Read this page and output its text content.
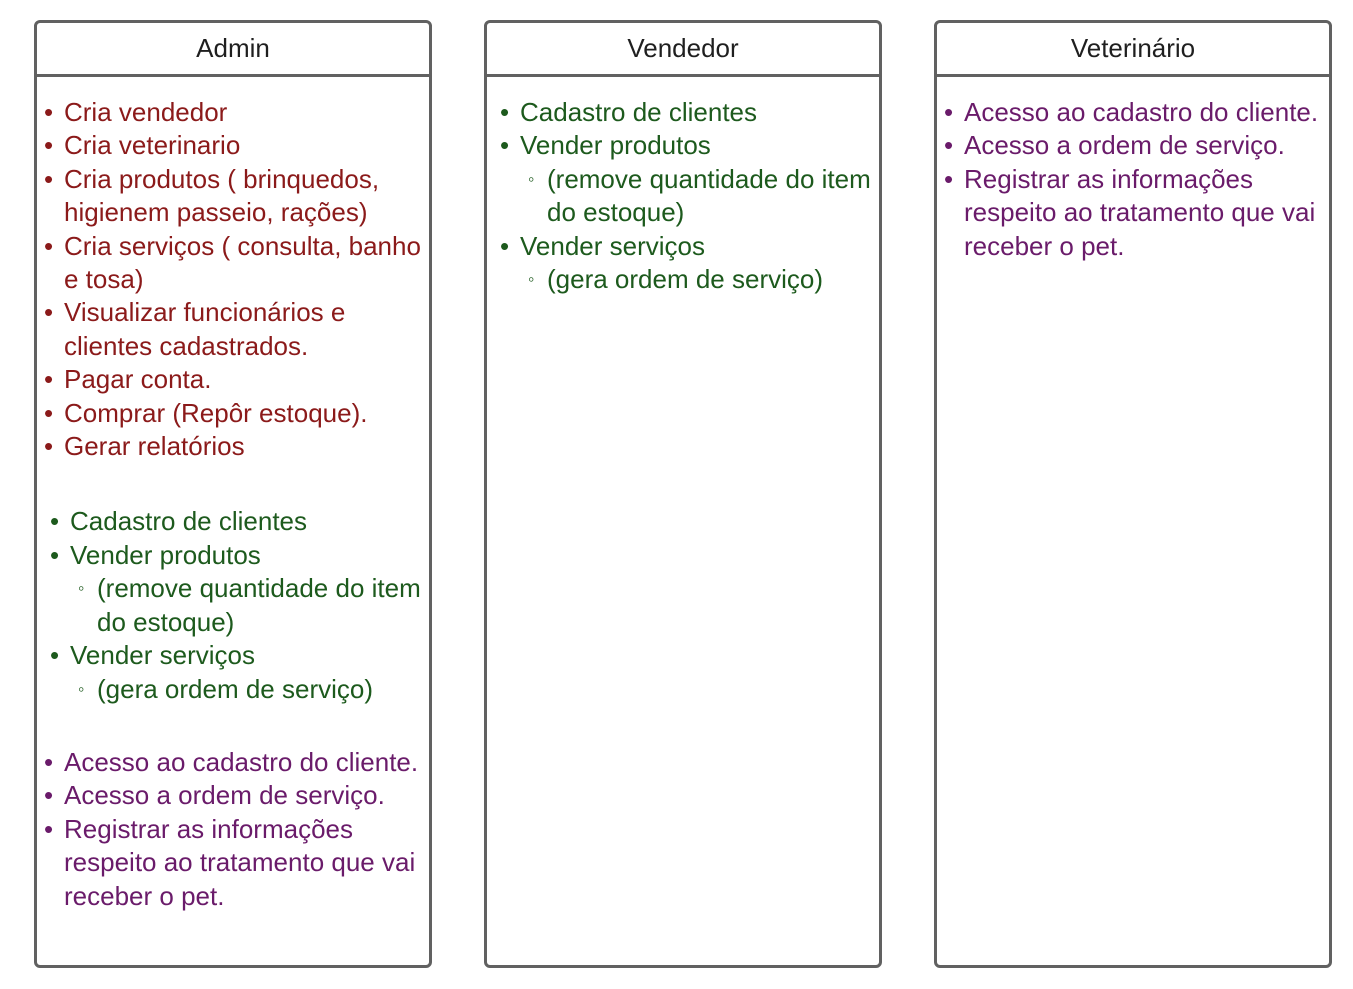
Admin
• Cria vendedor
• Cria veterinario
• Cria produtos ( brinquedos, higienem passeio, rações)
• Cria serviços ( consulta, banho e tosa)
• Visualizar funcionários e clientes cadastrados.
• Pagar conta.
• Comprar (Repôr estoque).
• Gerar relatórios
• Cadastro de clientes
• Vender produtos
◦ (remove quantidade do item do estoque)
• Vender serviços
◦ (gera ordem de serviço)
• Acesso ao cadastro do cliente.
• Acesso a ordem de serviço.
• Registrar as informações respeito ao tratamento que vai receber o pet.
Vendedor
• Cadastro de clientes
• Vender produtos
◦ (remove quantidade do item do estoque)
• Vender serviços
◦ (gera ordem de serviço)
Veterinário
• Acesso ao cadastro do cliente.
• Acesso a ordem de serviço.
• Registrar as informações respeito ao tratamento que vai receber o pet.
